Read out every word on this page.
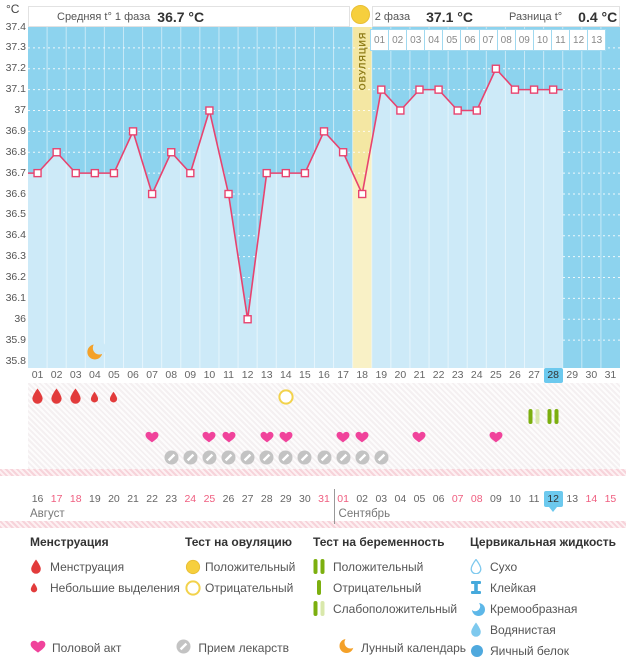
°C
Средняя t° 1 фаза 36.7 °C	2 фаза 37.1 °C	Разница t° 0.4 °C
ОВУЛЯЦИЯ 01 02 03 04 05 06 07 08 09 10 11 12 13
37.4
37.3
37.2
37.1
37
36.9
36.8
36.7
36.6
36.5
36.4
36.3
36.2
36.1
36
35.9
35.8
Менструация
Менструация
Небольшие выделения
Тест на овуляцию
Положительный
Отрицательный
Тест на беременность
Положительный
Отрицательный
Слабоположительный
Цервикальная жидкость
Сухо
Клейкая
Кремообразная
Водянистая
Яичный белок
Половой акт	Прием лекарств	Лунный календарь
01 02 03 04 05 06 07 08 09 10 11 12 13 14 15 16 17 18 19 20 21 22 23 24 25 26 27 28 29 30 31
16 17 18 19 20 21 22 23 24 25 26 27 28 29 30 31 01 02 03 04 05 06 07 08 09 10 11 12 13 14 15
Август	Сентябрь
